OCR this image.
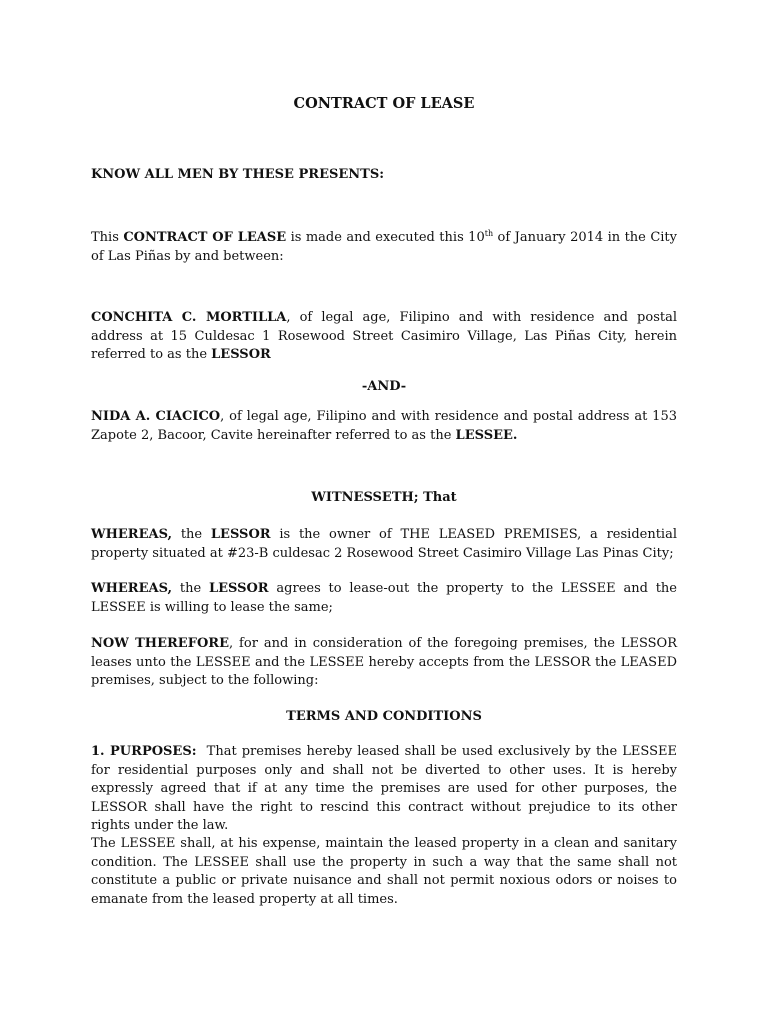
CONTRACT OF LEASE
KNOW ALL MEN BY THESE PRESENTS:
This CONTRACT OF LEASE is made and executed this 10th of January 2014 in the City of Las Piñas by and between:
CONCHITA C. MORTILLA, of legal age, Filipino and with residence and postal address at 15 Culdesac 1 Rosewood Street Casimiro Village, Las Piñas City, herein referred to as the LESSOR
-AND-
NIDA A. CIACICO, of legal age, Filipino and with residence and postal address at 153 Zapote 2, Bacoor, Cavite hereinafter referred to as the LESSEE.
WITNESSETH; That
WHEREAS, the LESSOR is the owner of THE LEASED PREMISES, a residential property situated at #23-B culdesac 2 Rosewood Street Casimiro Village Las Pinas City;
WHEREAS, the LESSOR agrees to lease-out the property to the LESSEE and the LESSEE is willing to lease the same;
NOW THEREFORE, for and in consideration of the foregoing premises, the LESSOR leases unto the LESSEE and the LESSEE hereby accepts from the LESSOR the LEASED premises, subject to the following:
TERMS AND CONDITIONS
1. PURPOSES:  That premises hereby leased shall be used exclusively by the LESSEE for residential purposes only and shall not be diverted to other uses. It is hereby expressly agreed that if at any time the premises are used for other purposes, the LESSOR shall have the right to rescind this contract without prejudice to its other rights under the law.
The LESSEE shall, at his expense, maintain the leased property in a clean and sanitary condition. The LESSEE shall use the property in such a way that the same shall not constitute a public or private nuisance and shall not permit noxious odors or noises to emanate from the leased property at all times.
